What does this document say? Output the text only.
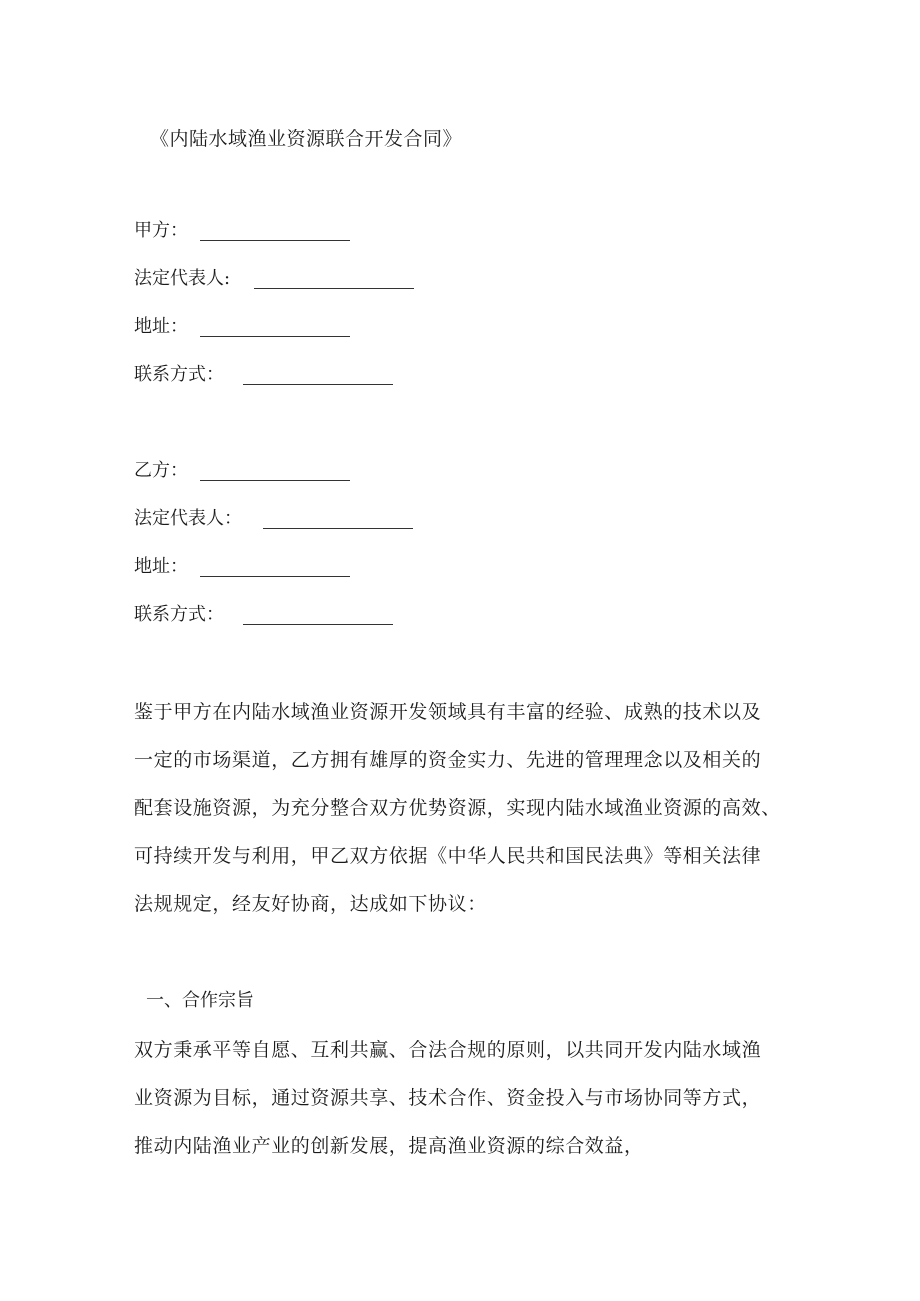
《内陆水域渔业资源联合开发合同》
甲方：
法定代表人:
地址：
联系方式：
乙方：
法定代表人：
地址：
联系方式：
鉴于甲方在内陆水域渔业资源开发领域具有丰富的经验、成熟的技术以及
一定的市场渠道，乙方拥有雄厚的资金实力、先进的管理理念以及相关的
配套设施资源，为充分整合双方优势资源，实现内陆水域渔业资源的高效、
可持续开发与利用，甲乙双方依据《中华人民共和国民法典》等相关法律
法规规定，经友好协商，达成如下协议：
一、合作宗旨
双方秉承平等自愿、互利共赢、合法合规的原则，以共同开发内陆水域渔
业资源为目标，通过资源共享、技术合作、资金投入与市场协同等方式，
推动内陆渔业产业的创新发展，提高渔业资源的综合效益，
